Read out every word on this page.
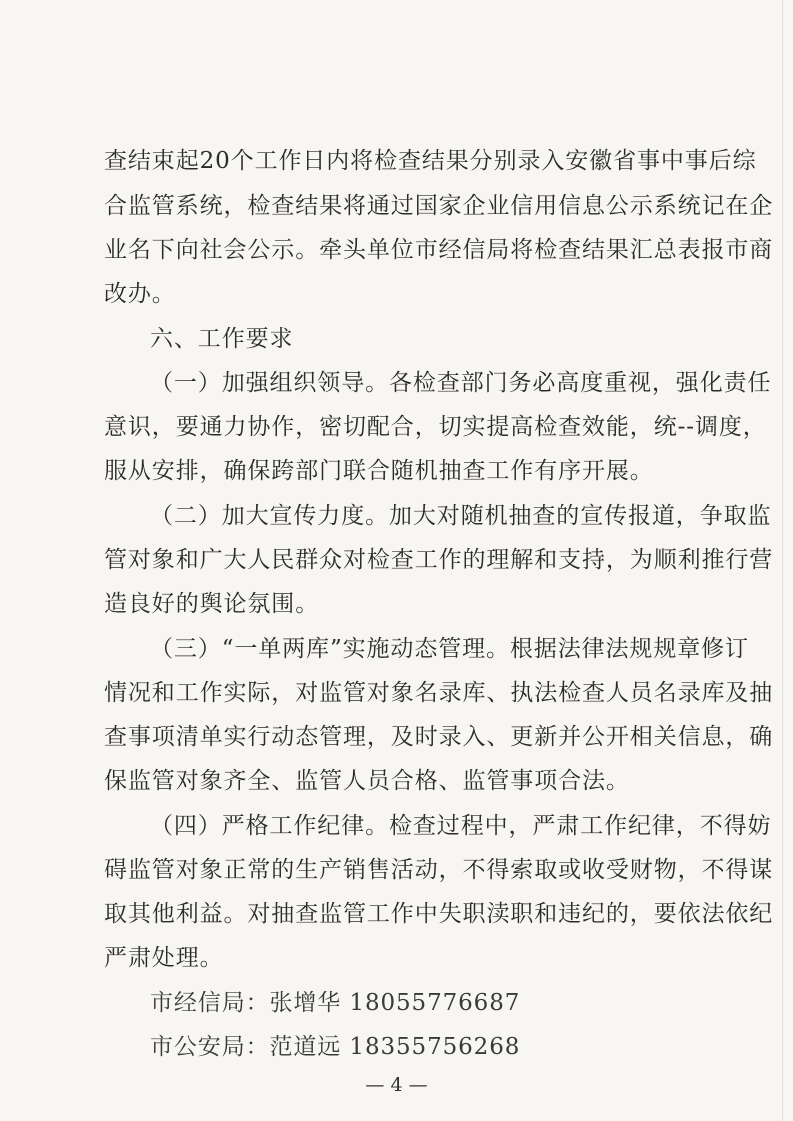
查结束起20个工作日内将检查结果分别录入安徽省事中事后综
合监管系统，检查结果将通过国家企业信用信息公示系统记在企
业名下向社会公示。牵头单位市经信局将检查结果汇总表报市商
改办。
六、工作要求
（一）加强组织领导。各检查部门务必高度重视，强化责任
意识，要通力协作，密切配合，切实提高检查效能，统--调度，
服从安排，确保跨部门联合随机抽查工作有序开展。
（二）加大宣传力度。加大对随机抽查的宣传报道，争取监
管对象和广大人民群众对检查工作的理解和支持，为顺利推行营
造良好的舆论氛围。
（三）“一单两库”实施动态管理。根据法律法规规章修订
情况和工作实际，对监管对象名录库、执法检查人员名录库及抽
查事项清单实行动态管理，及时录入、更新并公开相关信息，确
保监管对象齐全、监管人员合格、监管事项合法。
（四）严格工作纪律。检查过程中，严肃工作纪律，不得妨
碍监管对象正常的生产销售活动，不得索取或收受财物，不得谋
取其他利益。对抽查监管工作中失职渎职和违纪的，要依法依纪
严肃处理。
市经信局：张增华 18055776687
市公安局：范道远 18355756268
— 4 —
